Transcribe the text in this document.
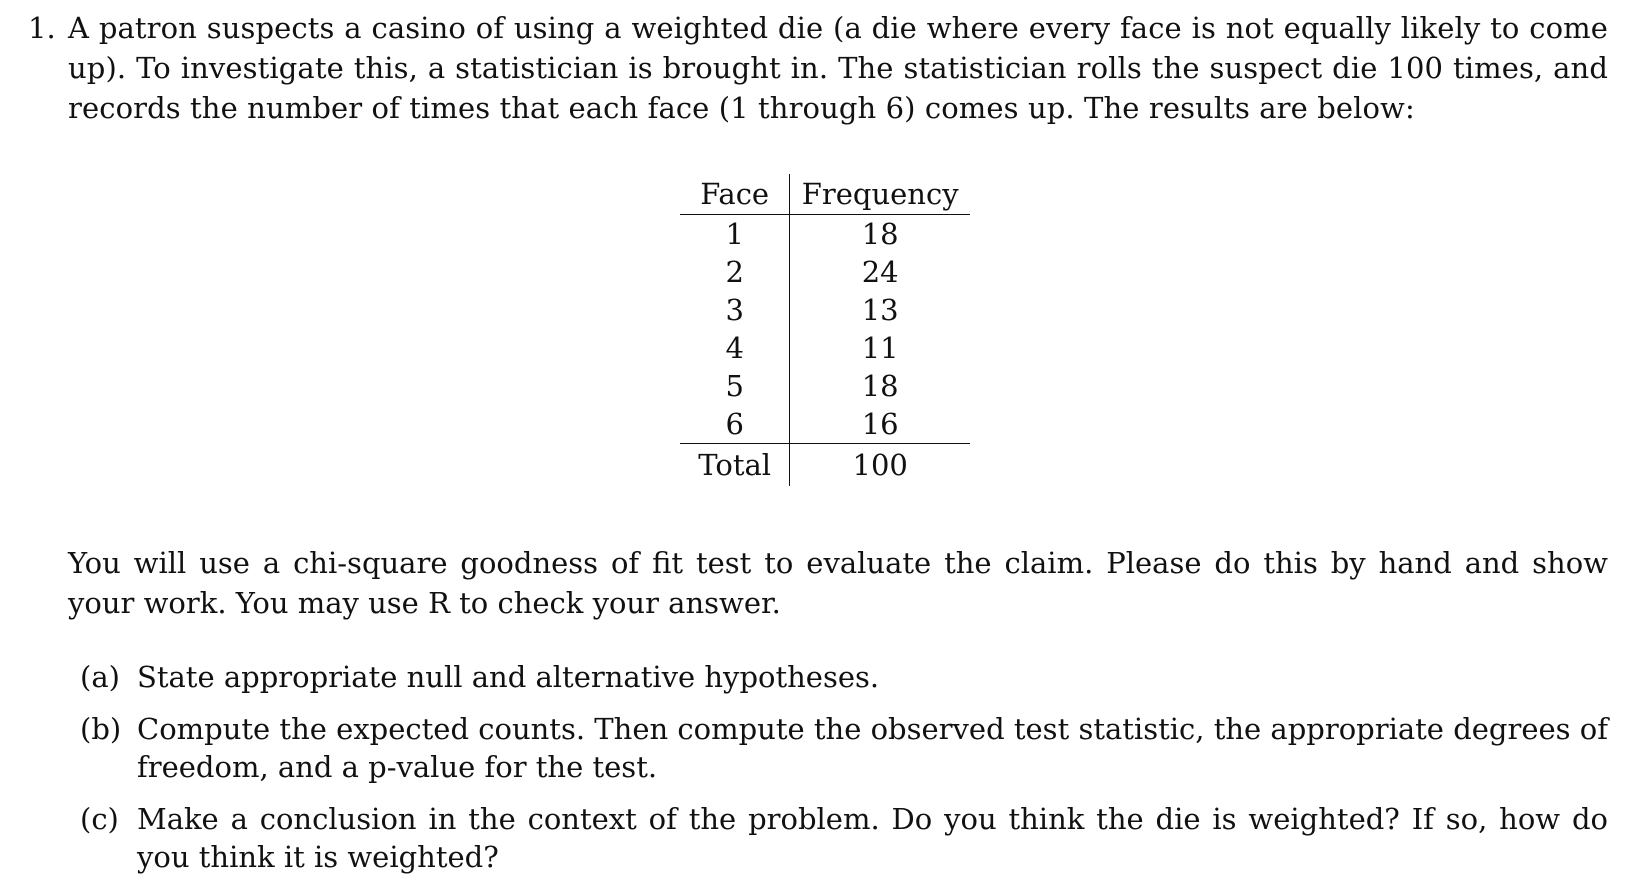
1. A patron suspects a casino of using a weighted die (a die where every face is not equally likely to come up). To investigate this, a statistician is brought in. The statistician rolls the suspect die 100 times, and records the number of times that each face (1 through 6) comes up. The results are below:
Face	Frequency
1	18
2	24
3	13
4	11
5	18
6	16
Total	100
You will use a chi-square goodness of fit test to evaluate the claim. Please do this by hand and show your work. You may use R to check your answer.
(a) State appropriate null and alternative hypotheses.
(b) Compute the expected counts. Then compute the observed test statistic, the appropriate degrees of freedom, and a p-value for the test.
(c) Make a conclusion in the context of the problem. Do you think the die is weighted? If so, how do you think it is weighted?
